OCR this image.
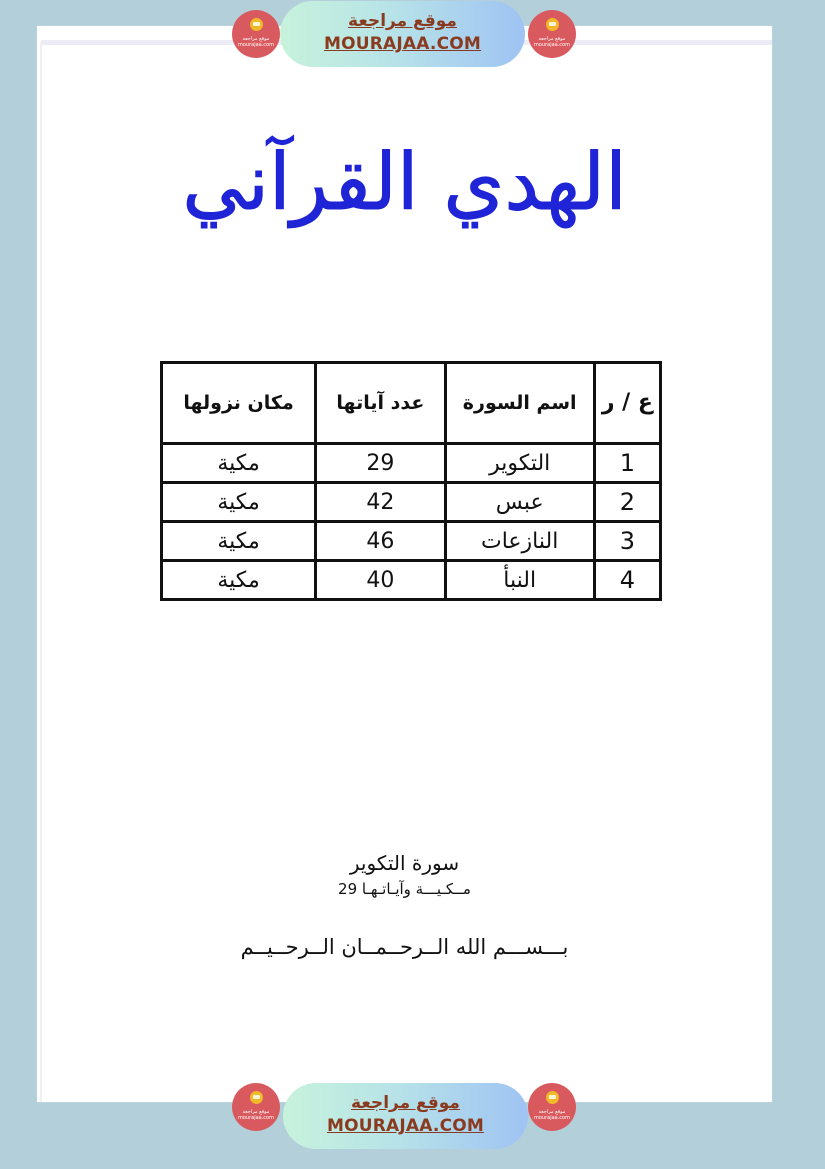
موقع مراجعة mourajaa.com
موقع مراجعة
MOURAJAA.COM	موقع مراجعة mourajaa.com
الهدي القرآني
ع / ر	اسم السورة	عدد آياتها	مكان نزولها
1	التكوير	29	مكية
2	عبس	42	مكية
3	النازعات	46	مكية
4	النبأ	40	مكية
سورة التكوير
مــكـيـــة وآيـاتـهـا 29
بـــســـم الله الــرحــمــان الــرحــيــم
موقع مراجعة mourajaa.com
موقع مراجعة
MOURAJAA.COM
موقع مراجعة mourajaa.com
